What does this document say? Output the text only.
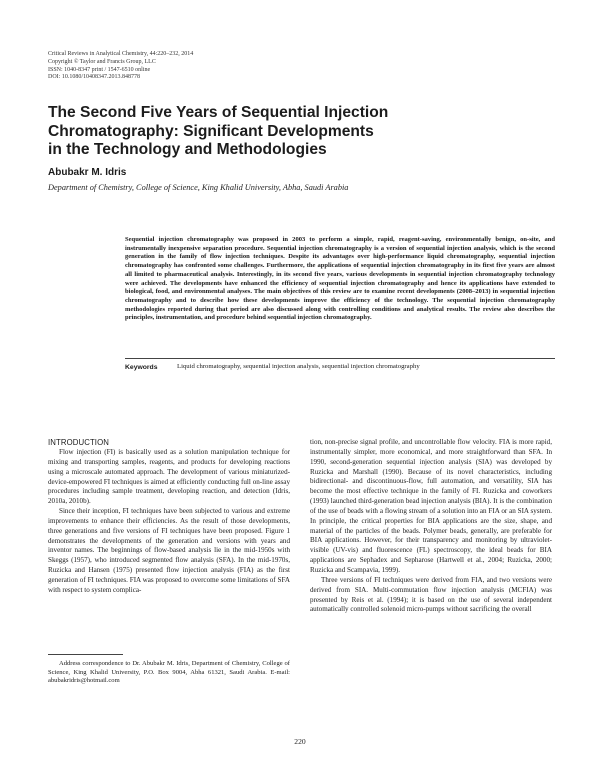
Critical Reviews in Analytical Chemistry, 44:220–232, 2014
Copyright © Taylor and Francis Group, LLC
ISSN: 1040-8347 print / 1547-6510 online
DOI: 10.1080/10408347.2013.848778
The Second Five Years of Sequential Injection
Chromatography: Significant Developments
in the Technology and Methodologies
Abubakr M. Idris
Department of Chemistry, College of Science, King Khalid University, Abha, Saudi Arabia
Sequential injection chromatography was proposed in 2003 to perform a simple, rapid, reagent-saving, environmentally benign, on-site, and instrumentally inexpensive separation procedure. Sequential injection chromatography is a version of sequential injection analysis, which is the second generation in the family of flow injection techniques. Despite its advantages over high-performance liquid chromatography, sequential injection chromatography has confronted some challenges. Furthermore, the applications of sequential injection chromatography in its first five years are almost all limited to pharmaceutical analysis. Interestingly, in its second five years, various developments in sequential injection chromatography technology were achieved. The developments have enhanced the efficiency of sequential injection chromatography and hence its applications have extended to biological, food, and environmental analyses. The main objectives of this review are to examine recent developments (2008–2013) in sequential injection chromatography and to describe how these developments improve the efficiency of the technology. The sequential injection chromatography methodologies reported during that period are also discussed along with controlling conditions and analytical results. The review also describes the principles, instrumentation, and procedure behind sequential injection chromatography.
Keywords	Liquid chromatography, sequential injection analysis, sequential injection chromatography
INTRODUCTION

Flow injection (FI) is basically used as a solution manipulation technique for mixing and transporting samples, reagents, and products for developing reactions using a microscale automated approach. The development of various miniaturized-device-empowered FI techniques is aimed at efficiently conducting full on-line assay procedures including sample treatment, developing reaction, and detection (Idris, 2010a, 2010b).

Since their inception, FI techniques have been subjected to various and extreme improvements to enhance their efficiencies. As the result of those developments, three generations and five versions of FI techniques have been proposed. Figure 1 demonstrates the developments of the generation and versions with years and inventor names. The beginnings of flow-based analysis lie in the mid-1950s with Skeggs (1957), who introduced segmented flow analysis (SFA). In the mid-1970s, Ruzicka and Hansen (1975) presented flow injection analysis (FIA) as the first generation of FI techniques. FIA was proposed to overcome some limitations of SFA with respect to system complica-

tion, non-precise signal profile, and uncontrollable flow velocity. FIA is more rapid, instrumentally simpler, more economical, and more straightforward than SFA. In 1990, second-generation sequential injection analysis (SIA) was developed by Ruzicka and Marshall (1990). Because of its novel characteristics, including bidirectional- and discontinuous-flow, full automation, and versatility, SIA has become the most effective technique in the family of FI. Ruzicka and coworkers (1993) launched third-generation bead injection analysis (BIA). It is the combination of the use of beads with a flowing stream of a solution into an FIA or an SIA system. In principle, the critical properties for BIA applications are the size, shape, and material of the particles of the beads. Polymer beads, generally, are preferable for BIA applications. However, for their transparency and monitoring by ultraviolet-visible (UV-vis) and fluorescence (FL) spectroscopy, the ideal beads for BIA applications are Sephadex and Sepharose (Hartwell et al., 2004; Ruzicka, 2000; Ruzicka and Scampavia, 1999).

Three versions of FI techniques were derived from FIA, and two versions were derived from SIA. Multi-commutation flow injection analysis (MCFIA) was presented by Reis et al. (1994); it is based on the use of several independent automatically controlled solenoid micro-pumps without sacrificing the overall

Address correspondence to Dr. Abubakr M. Idris, Department of Chemistry, College of Science, King Khalid University, P.O. Box 9004, Abha 61321, Saudi Arabia. E-mail: abubakridris@hotmail.com

220
